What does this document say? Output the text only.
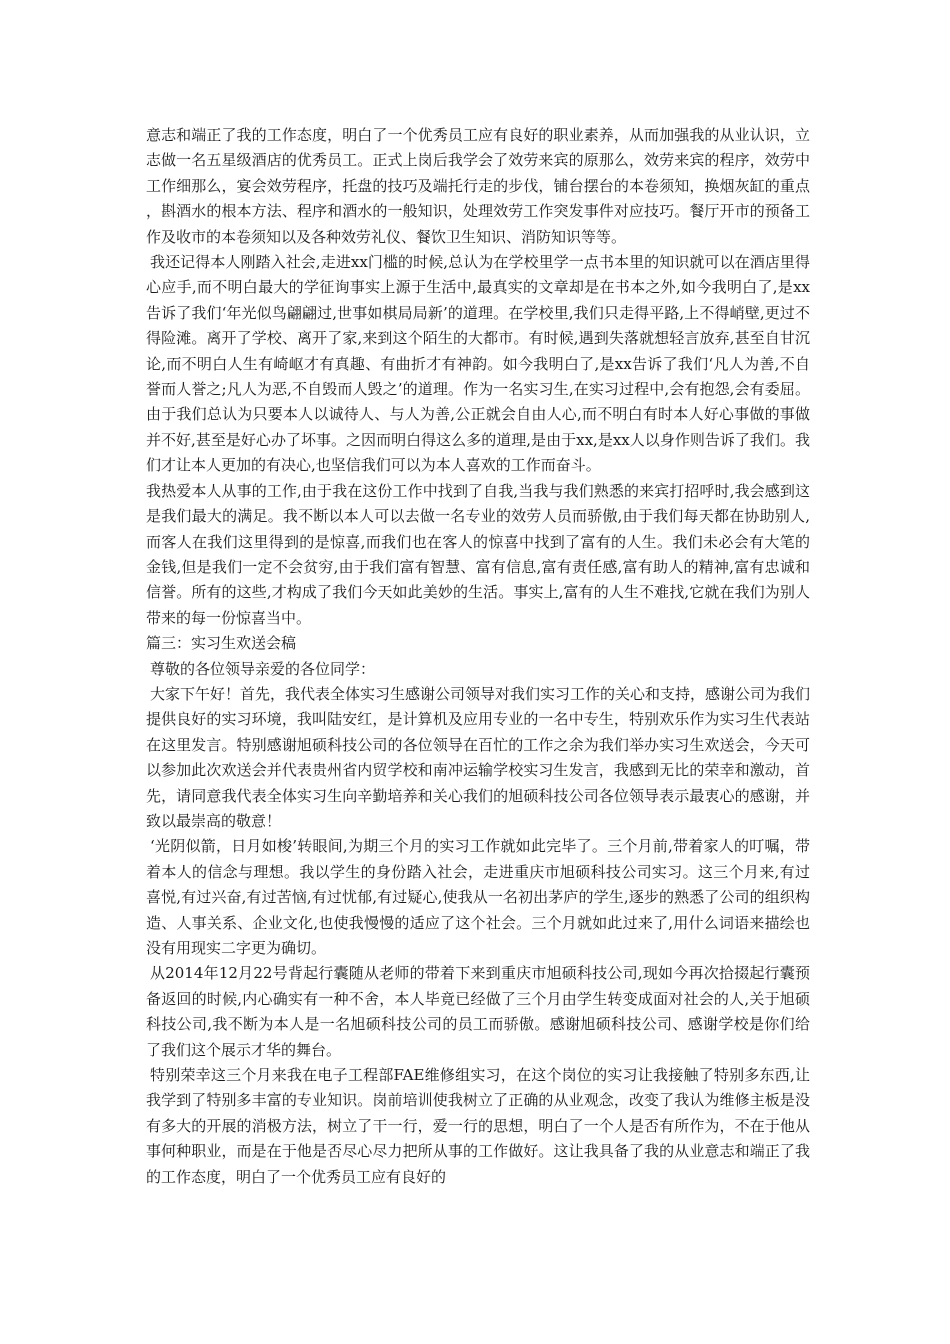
意志和端正了我的工作态度，明白了一个优秀员工应有良好的职业素养，从而加强我的从业认识，立志做一名五星级酒店的优秀员工。正式上岗后我学会了效劳来宾的原那么，效劳来宾的程序，效劳中工作细那么，宴会效劳程序，托盘的技巧及端托行走的步伐，铺台摆台的本卷须知，换烟灰缸的重点，斟酒水的根本方法、程序和酒水的一般知识，处理效劳工作突发事件对应技巧。餐厅开市的预备工作及收市的本卷须知以及各种效劳礼仪、餐饮卫生知识、消防知识等等。

我还记得本人刚踏入社会,走进xx门槛的时候,总认为在学校里学一点书本里的知识就可以在酒店里得心应手,而不明白最大的学征询事实上源于生活中,最真实的文章却是在书本之外,如今我明白了,是xx告诉了我们‘年光似鸟翩翩过,世事如棋局局新’的道理。在学校里,我们只走得平路,上不得峭壁,更过不得险滩。离开了学校、离开了家,来到这个陌生的大都市。有时候,遇到失落就想轻言放弃,甚至自甘沉论,而不明白人生有崎岖才有真趣、有曲折才有神韵。如今我明白了,是xx告诉了我们‘凡人为善,不自誉而人誉之;凡人为恶,不自毁而人毁之’的道理。作为一名实习生,在实习过程中,会有抱怨,会有委屈。由于我们总认为只要本人以诚待人、与人为善,公正就会自由人心,而不明白有时本人好心事做的事做并不好,甚至是好心办了坏事。之因而明白得这么多的道理,是由于xx,是xx人以身作则告诉了我们。我们才让本人更加的有决心,也坚信我们可以为本人喜欢的工作而奋斗。

我热爱本人从事的工作,由于我在这份工作中找到了自我,当我与我们熟悉的来宾打招呼时,我会感到这是我们最大的满足。我不断以本人可以去做一名专业的效劳人员而骄傲,由于我们每天都在协助别人,而客人在我们这里得到的是惊喜,而我们也在客人的惊喜中找到了富有的人生。我们未必会有大笔的金钱,但是我们一定不会贫穷,由于我们富有智慧、富有信息,富有责任感,富有助人的精神,富有忠诚和信誉。所有的这些,才构成了我们今天如此美妙的生活。事实上,富有的人生不难找,它就在我们为别人带来的每一份惊喜当中。

篇三：实习生欢送会稿

尊敬的各位领导亲爱的各位同学：

大家下午好！首先，我代表全体实习生感谢公司领导对我们实习工作的关心和支持，感谢公司为我们提供良好的实习环境，我叫陆安红，是计算机及应用专业的一名中专生，特别欢乐作为实习生代表站在这里发言。特别感谢旭硕科技公司的各位领导在百忙的工作之余为我们举办实习生欢送会，今天可以参加此次欢送会并代表贵州省内贸学校和南冲运输学校实习生发言，我感到无比的荣幸和激动，首先，请同意我代表全体实习生向辛勤培养和关心我们的旭硕科技公司各位领导表示最衷心的感谢，并致以最崇高的敬意！

‘光阴似箭，日月如梭’转眼间,为期三个月的实习工作就如此完毕了。三个月前,带着家人的叮嘱，带着本人的信念与理想。我以学生的身份踏入社会，走进重庆市旭硕科技公司实习。这三个月来,有过喜悦,有过兴奋,有过苦恼,有过忧郁,有过疑心,使我从一名初出茅庐的学生,逐步的熟悉了公司的组织构造、人事关系、企业文化,也使我慢慢的适应了这个社会。三个月就如此过来了,用什么词语来描绘也没有用现实二字更为确切。

从2014年12月22号背起行囊随从老师的带着下来到重庆市旭硕科技公司,现如今再次拾掇起行囊预备返回的时候,内心确实有一种不舍，本人毕竟已经做了三个月由学生转变成面对社会的人,关于旭硕科技公司,我不断为本人是一名旭硕科技公司的员工而骄傲。感谢旭硕科技公司、感谢学校是你们给了我们这个展示才华的舞台。

特别荣幸这三个月来我在电子工程部FAE维修组实习，在这个岗位的实习让我接触了特别多东西,让我学到了特别多丰富的专业知识。岗前培训使我树立了正确的从业观念，改变了我认为维修主板是没有多大的开展的消极方法，树立了干一行，爱一行的思想，明白了一个人是否有所作为，不在于他从事何种职业，而是在于他是否尽心尽力把所从事的工作做好。这让我具备了我的从业意志和端正了我的工作态度，明白了一个优秀员工应有良好的
